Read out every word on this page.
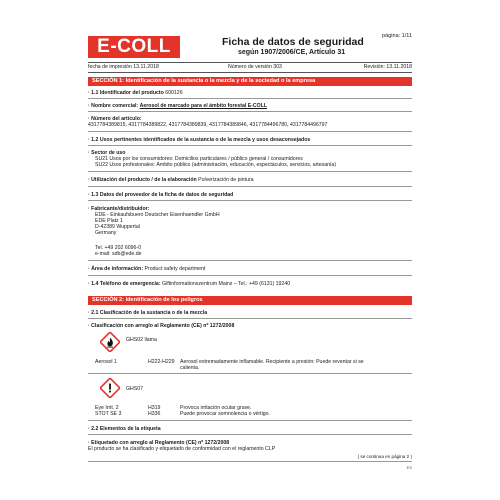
E-COLL	Ficha de datos de seguridad
según 1907/2006/CE, Artículo 31
página: 1/11
fecha de impresión 13.11.2018	Número de versión 303	Revisión: 13.11.2018
SECCIÓN 1: Identificación de la sustancia o la mezcla y de la sociedad o la empresa
· 1.1 Identificador del producto 600126
· Nombre comercial: Aerosol de marcado para el ámbito forestal E-COLL
· Número del artículo:
4317784389815, 4317784389822, 4317784389839, 4317784389846, 4317784496780, 4317784496797
· 1.2 Usos pertinentes identificados de la sustancia o de la mezcla y usos desaconsejados
· Sector de uso
SU21 Usos por los consumidores: Domicilios particulares / público general / consumidores
SU22 Usos profesionales: Ámbito público (administración, educación, espectáculos, servicios, artesanía)
· Utilización del producto / de la elaboración Pulverización de pintura
· 1.3 Datos del proveedor de la ficha de datos de seguridad
· Fabricante/distribuidor:
EDE - Einkaufsbuero Deutscher Eisenhaendler GmbH
EDE Platz 1
D-42389 Wuppertal
Germany
Tel. +49 202 6096-0
e-mail: sdb@ede.de
· Área de información: Product safety department
· 1.4 Teléfono de emergencia: Giftinformationszentrum Mainz – Tel.: +49 (6131) 19240
SECCIÓN 2: Identificación de los peligros
· 2.1 Clasificación de la sustancia o de la mezcla
· Clasificación con arreglo al Reglamento (CE) nº 1272/2008
GHS02 llama
Aerosol 1	H222-H229 Aerosol extremadamente inflamable. Recipiente a presión: Puede reventar si se
calienta.
GHS07
Eye Irrit. 2	H319	Provoca irritación ocular grave.
STOT SE 3	H336	Puede provocar somnolencia o vértigo.
· 2.2 Elementos de la etiqueta
· Etiquetado con arreglo al Reglamento (CE) nº 1272/2008
El producto se ha clasificado y etiquetado de conformidad con el reglamento CLP
( se continua en página 2 )
ES
